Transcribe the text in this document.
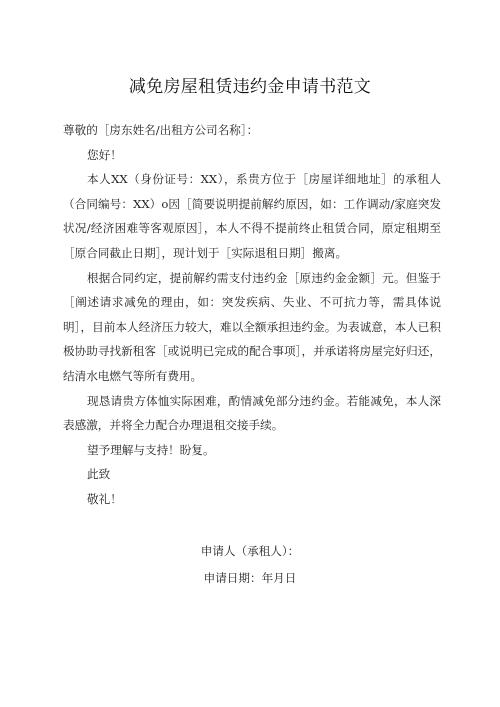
减免房屋租赁违约金申请书范文

尊敬的［房东姓名/出租方公司名称］：

您好！

本人XX（身份证号：XX），系贵方位于［房屋详细地址］的承租人（合同编号：XX）o因［简要说明提前解约原因，如：工作调动/家庭突发状况/经济困难等客观原因］，本人不得不提前终止租赁合同，原定租期至［原合同截止日期］，现计划于［实际退租日期］搬离。

根据合同约定，提前解约需支付违约金［原违约金金额］元。但鉴于［阐述请求减免的理由，如：突发疾病、失业、不可抗力等，需具体说明］，目前本人经济压力较大，难以全额承担违约金。为表诚意，本人已积极协助寻找新租客［或说明已完成的配合事项］，并承诺将房屋完好归还，结清水电燃气等所有费用。

现恳请贵方体恤实际困难，酌情减免部分违约金。若能减免，本人深表感激，并将全力配合办理退租交接手续。

望予理解与支持！盼复。

此致

敬礼！

申请人（承租人）：
申请日期：年月日
